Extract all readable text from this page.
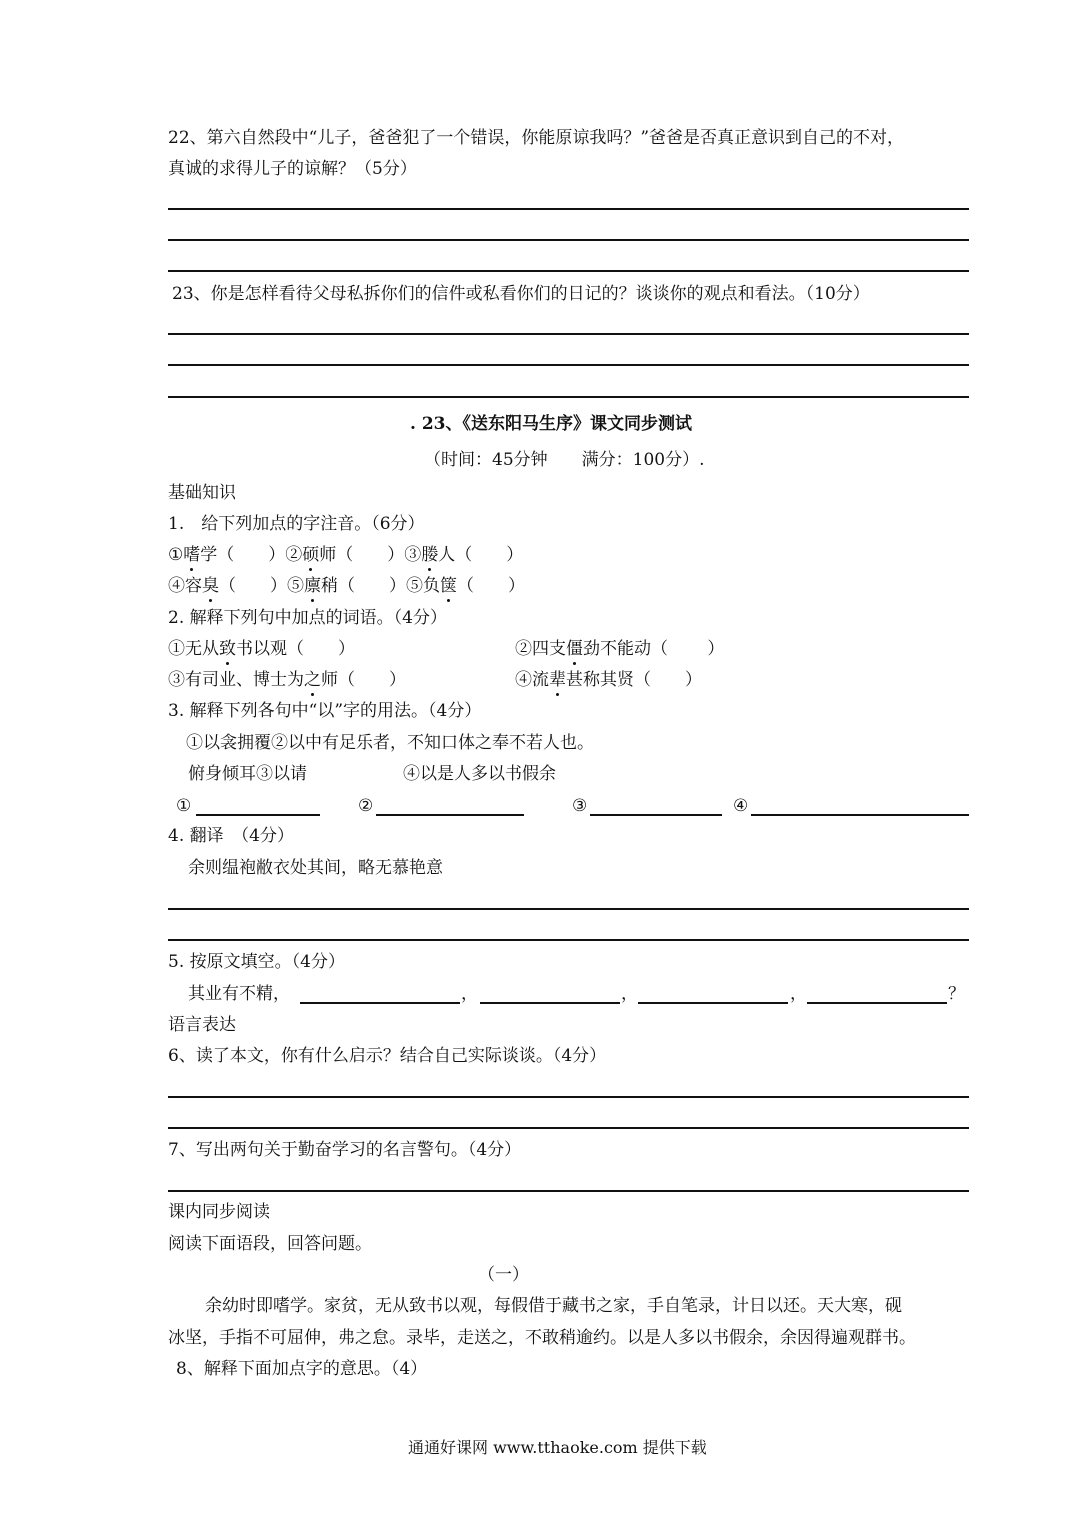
22、第六自然段中“儿子，爸爸犯了一个错误，你能原谅我吗？”爸爸是否真正意识到自己的不对，
真诚的求得儿子的谅解？（5分）
23、你是怎样看待父母私拆你们的信件或私看你们的日记的？谈谈你的观点和看法。（10分）
. 23、《送东阳马生序》课文同步测试
（时间：45分钟　　满分：100分）.
基础知识
1.　给下列加点的字注音。（6分）
①嗜学（　　）②硕师（　　）③媵人（　　）
④容臭（　　）⑤廪稍（　　）⑤负箧（　　）
2. 解释下列句中加点的词语。（4分）
①无从致书以观（　　）	②四支僵劲不能动（　　 ）
③有司业、博士为之师（　　）	④流辈甚称其贤（　　）
3. 解释下列各句中“以”字的用法。（4分）
①以衾拥覆②以中有足乐者，不知口体之奉不若人也。
俯身倾耳③以请	④以是人多以书假余
①	②	③	④
4. 翻译　（4分）
余则缊袍敝衣处其间，略无慕艳意
5. 按原文填空。（4分）
其业有不精，	，	，	，	？
语言表达
6、读了本文，你有什么启示？结合自己实际谈谈。（4分）
7、写出两句关于勤奋学习的名言警句。（4分）
课内同步阅读
阅读下面语段，回答问题。
（一）
余幼时即嗜学。家贫，无从致书以观，每假借于藏书之家，手自笔录，计日以还。天大寒，砚
冰坚，手指不可屈伸，弗之怠。录毕，走送之，不敢稍逾约。以是人多以书假余，余因得遍观群书。
8、解释下面加点字的意思。（4）
通通好课网 www.tthaoke.com 提供下载
